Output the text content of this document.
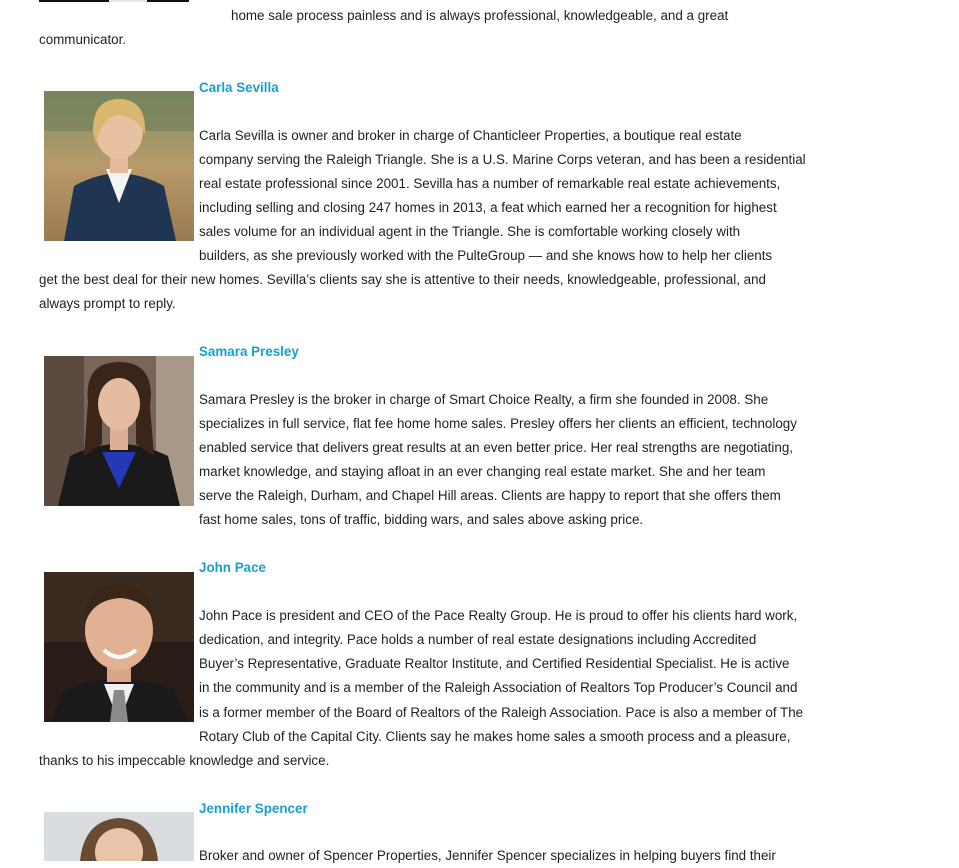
home sale process painless and is always professional, knowledgeable, and a great
communicator.
Carla Sevilla
Carla Sevilla is owner and broker in charge of Chanticleer Properties, a boutique real estate
company serving the Raleigh Triangle. She is a U.S. Marine Corps veteran, and has been a residential
real estate professional since 2001. Sevilla has a number of remarkable real estate achievements,
including selling and closing 247 homes in 2013, a feat which earned her a recognition for highest
sales volume for an individual agent in the Triangle. She is comfortable working closely with
builders, as she previously worked with the PulteGroup — and she knows how to help her clients
get the best deal for their new homes. Sevilla’s clients say she is attentive to their needs, knowledgeable, professional, and
always prompt to reply.
Samara Presley
Samara Presley is the broker in charge of Smart Choice Realty, a firm she founded in 2008. She
specializes in full service, flat fee home home sales. Presley offers her clients an efficient, technology
enabled service that delivers great results at an even better price. Her real strengths are negotiating,
market knowledge, and staying afloat in an ever changing real estate market. She and her team
serve the Raleigh, Durham, and Chapel Hill areas. Clients are happy to report that she offers them
fast home sales, tons of traffic, bidding wars, and sales above asking price.
John Pace
John Pace is president and CEO of the Pace Realty Group. He is proud to offer his clients hard work,
dedication, and integrity. Pace holds a number of real estate designations including Accredited
Buyer’s Representative, Graduate Realtor Institute, and Certified Residential Specialist. He is active
in the community and is a member of the Raleigh Association of Realtors Top Producer’s Council and
is a former member of the Board of Realtors of the Raleigh Association. Pace is also a member of The
Rotary Club of the Capital City. Clients say he makes home sales a smooth process and a pleasure,
thanks to his impeccable knowledge and service.
Jennifer Spencer
Broker and owner of Spencer Properties, Jennifer Spencer specializes in helping buyers find their
